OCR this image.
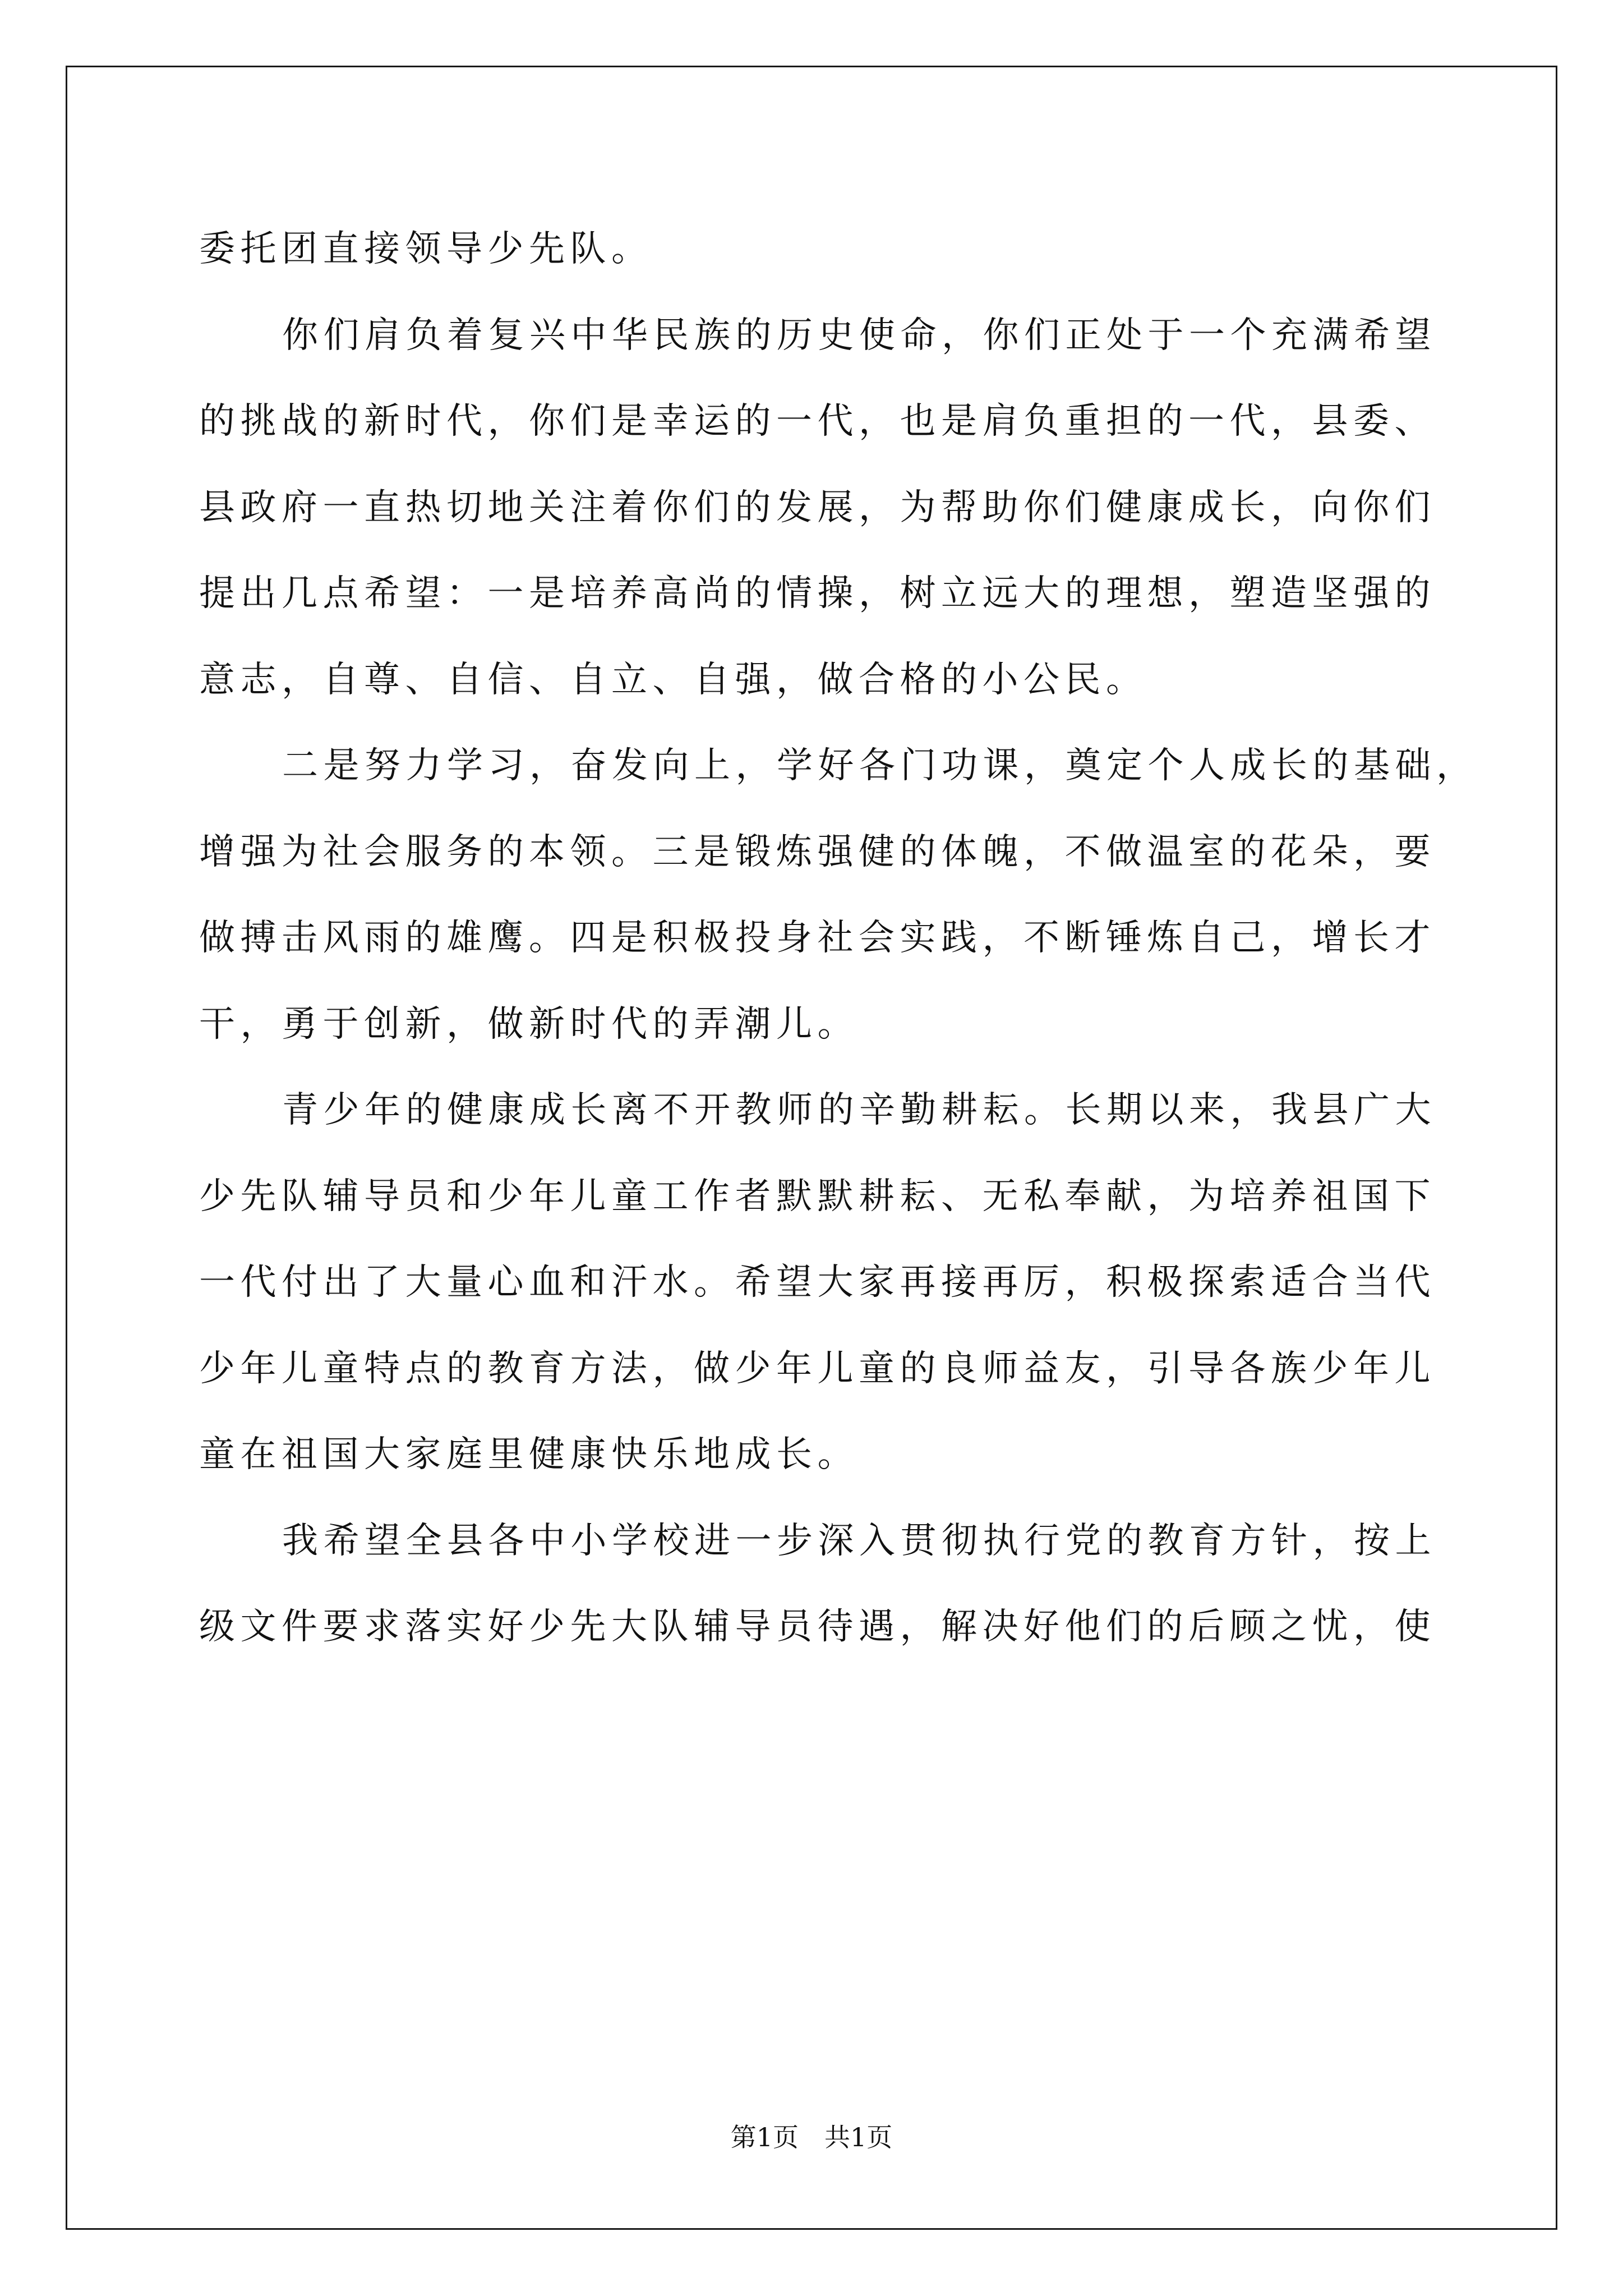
委托团直接领导少先队。
你们肩负着复兴中华民族的历史使命，你们正处于一个充满希望
的挑战的新时代，你们是幸运的一代，也是肩负重担的一代，县委、
县政府一直热切地关注着你们的发展，为帮助你们健康成长，向你们
提出几点希望：一是培养高尚的情操，树立远大的理想，塑造坚强的
意志，自尊、自信、自立、自强，做合格的小公民。
二是努力学习，奋发向上，学好各门功课，奠定个人成长的基础，
增强为社会服务的本领。三是锻炼强健的体魄，不做温室的花朵，要
做搏击风雨的雄鹰。四是积极投身社会实践，不断锤炼自己，增长才
干，勇于创新，做新时代的弄潮儿。
青少年的健康成长离不开教师的辛勤耕耘。长期以来，我县广大
少先队辅导员和少年儿童工作者默默耕耘、无私奉献，为培养祖国下
一代付出了大量心血和汗水。希望大家再接再厉，积极探索适合当代
少年儿童特点的教育方法，做少年儿童的良师益友，引导各族少年儿
童在祖国大家庭里健康快乐地成长。
我希望全县各中小学校进一步深入贯彻执行党的教育方针，按上
级文件要求落实好少先大队辅导员待遇，解决好他们的后顾之忧，使
第1页　共1页
